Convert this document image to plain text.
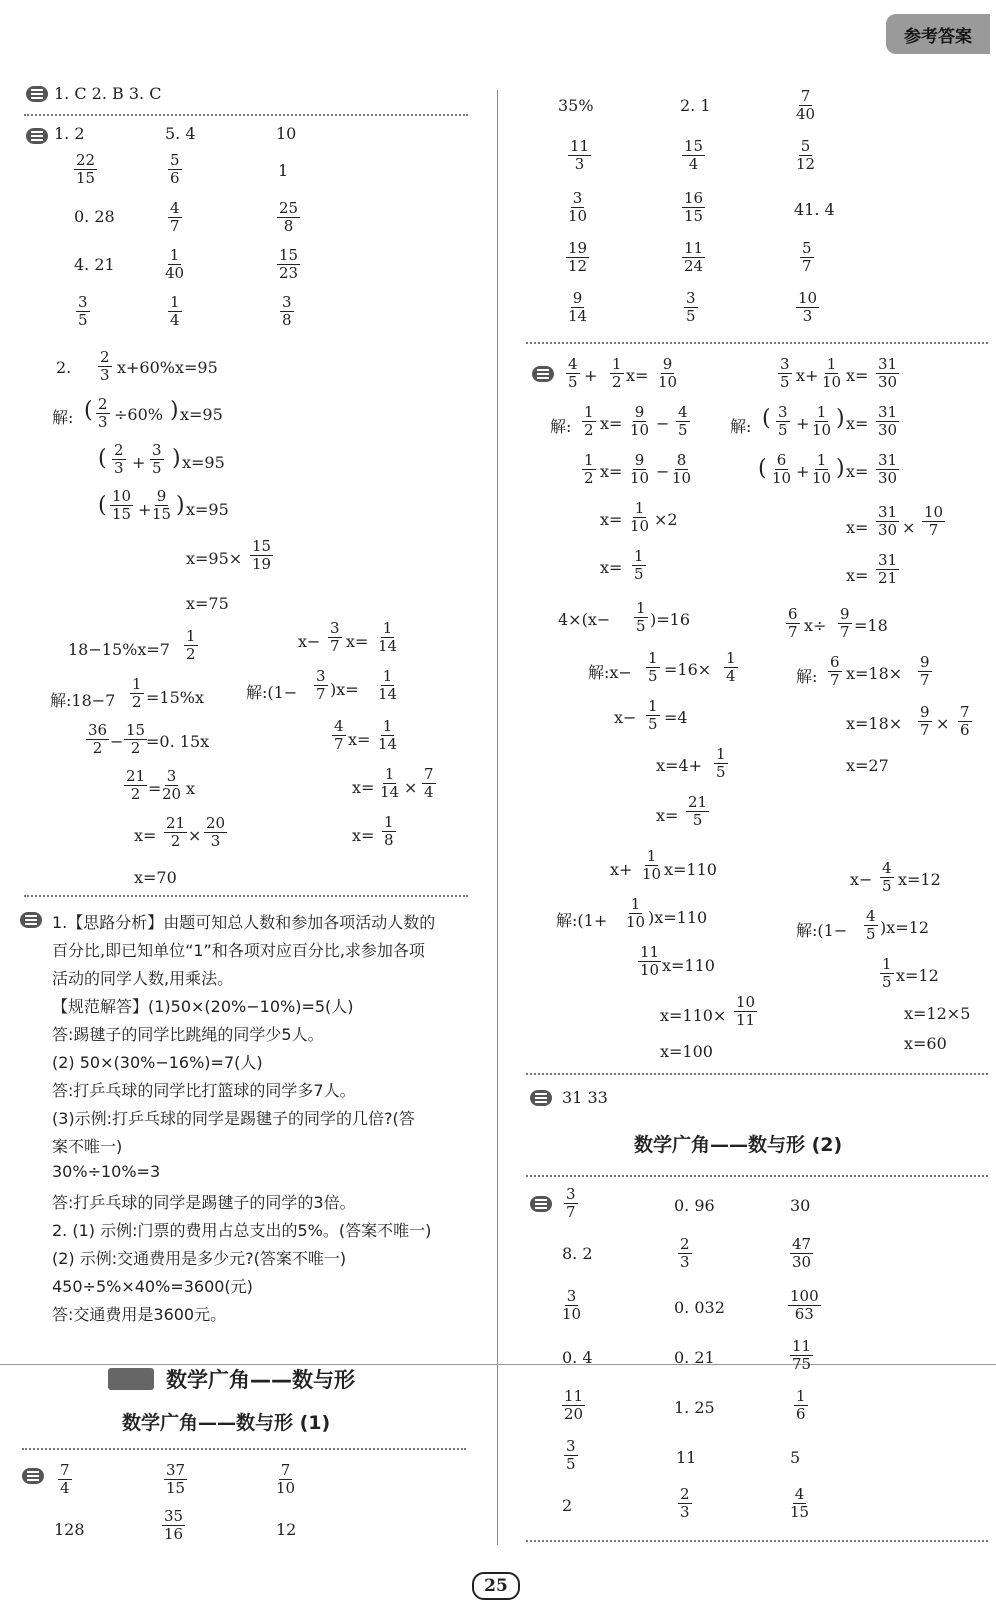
参考答案
1. C 2. B 3. C
1. 2	5. 4	10
$\frac{22}{15}$	$\frac{5}{6}$	1
0. 28	$\frac{4}{7}$	$\frac{25}{8}$
4. 21	$\frac{1}{40}$	$\frac{15}{23}$
$\frac{3}{5}$	$\frac{1}{4}$	$\frac{3}{8}$
2. $\frac{2}{3} x+60\%x=95$
解: ( $\frac{2}{3} \div 60\%$ ) x=95
( $\frac{2}{3} + \frac{3}{5}$ ) x=95
( $\frac{10}{15} + \frac{9}{15}$ ) x=95
$x=95\times \frac{15}{19}$
x=75
$18-15\%x=7 \frac{1}{2}$
解:18−7 $\frac{1}{2} =15\%x$
$\frac{36}{2} - \frac{15}{2}$
=0. 15x
$\frac{21}{2} = \frac{3}{20}$ x
$x= \frac{21}{2} \times \frac{20}{3}$
x=70
$x- \frac{3}{7} x= \frac{1}{14}$
解:(1− $\frac{3}{7} )x= \frac{1}{14}$
$\frac{4}{7} x= \frac{1}{14}$
$x= \frac{1}{14} \times \frac{7}{4}$
$x= \frac{1}{8}$
1.【思路分析】由题可知总人数和参加各项活动人数的
百分比,即已知单位“1”和各项对应百分比,求参加各项
活动的同学人数,用乘法。
【规范解答】(1)50×(20%−10%)=5(人)
答:踢毽子的同学比跳绳的同学少5人。
(2) 50×(30%−16%)=7(人)
答:打乒乓球的同学比打篮球的同学多7人。
(3)示例:打乒乓球的同学是踢毽子的同学的几倍?(答
案不唯一)
30%÷10%=3
答:打乒乓球的同学是踢毽子的同学的3倍。
2. (1) 示例:门票的费用占总支出的5%。(答案不唯一)
(2) 示例:交通费用是多少元?(答案不唯一)
450÷5%×40%=3600(元)
答:交通费用是3600元。
数学广角——数与形
数学广角——数与形 (1)
$\frac{7}{4}$	$\frac{37}{15}$	$\frac{7}{10}$
128	$\frac{35}{16}$	12
35%	2. 1	$\frac{7}{40}$
$\frac{11}{3}$	$\frac{15}{4}$	$\frac{5}{12}$
$\frac{3}{10}$	$\frac{16}{15}$	41. 4
$\frac{19}{12}$	$\frac{11}{24}$	$\frac{5}{7}$
$\frac{9}{14}$	$\frac{3}{5}$	$\frac{10}{3}$
$\frac{4}{5} + \frac{1}{2} x= \frac{9}{10}$
解: $\frac{1}{2} x= \frac{9}{10} - \frac{4}{5}$
$\frac{1}{2} x= \frac{9}{10} - \frac{8}{10}$
$x= \frac{1}{10} \times 2$
$x= \frac{1}{5}$
$\frac{3}{5} x+ \frac{1}{10} x= \frac{31}{30}$
解: ( $\frac{3}{5} + \frac{1}{10}$ ) $x= \frac{31}{30}$
( $\frac{6}{10} + \frac{1}{10}$ ) $x= \frac{31}{30}$
$x= \frac{31}{30} \times \frac{10}{7}$
$x= \frac{31}{21}$
$4\times(x- \frac{1}{5} )=16$
解:x− $\frac{1}{5} =16\times \frac{1}{4}$
$x- \frac{1}{5} =4$
$x=4+ \frac{1}{5}$
$x= \frac{21}{5}$
$\frac{6}{7} x\div \frac{9}{7} =18$
解: $\frac{6}{7} x=18\times \frac{9}{7}$
$x=18\times \frac{9}{7} \times \frac{7}{6}$
x=27
$x+ \frac{1}{10} x=110$
解:(1+ $\frac{1}{10} )x=110$
$\frac{11}{10} x=110$
$x=110\times \frac{10}{11}$
x=100
$x- \frac{4}{5} x=12$
解:(1− $\frac{4}{5} )x=12$
$\frac{1}{5} x=12$
x=12×5
x=60
31 33
数学广角——数与形 (2)
$\frac{3}{7}$	0. 96	30
8. 2	$\frac{2}{3}$	$\frac{47}{30}$
$\frac{3}{10}$	0. 032	$\frac{100}{63}$
0. 4	0. 21	$\frac{11}{75}$
$\frac{11}{20}$	1. 25	$\frac{1}{6}$
$\frac{3}{5}$	11	5
2	$\frac{2}{3}$	$\frac{4}{15}$
25
